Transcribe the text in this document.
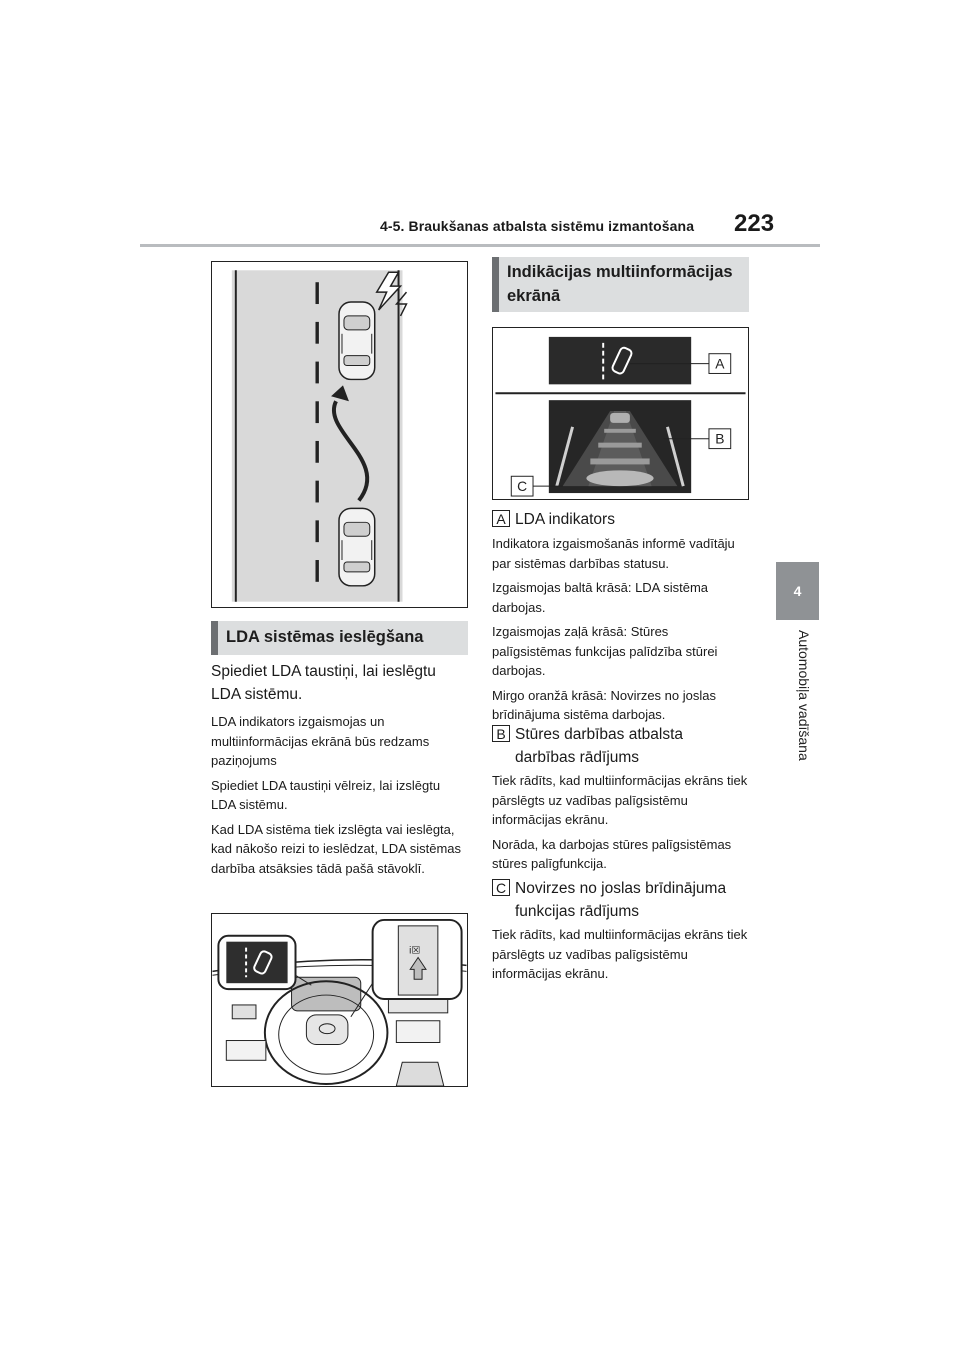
4-5. Braukšanas atbalsta sistēmu izmantošana 223
4
Automobiļa vadīšana
LDA sistēmas ieslēgšana
Spiediet LDA taustiņi, lai ieslēgtu LDA sistēmu.

LDA indikators izgaismojas un multiinformācijas ekrānā būs redzams paziņojums

Spiediet LDA taustiņi vēlreiz, lai izslēgtu LDA sistēmu.

Kad LDA sistēma tiek izslēgta vai ieslēgta, kad nākošo reizi to ieslēdzat, LDA sistēmas darbība atsāksies tādā pašā stāvoklī.

i☒
Indikācijas multiinformācijas ekrānā
A
B
C
A LDA indikators

Indikatora izgaismošanās informē vadītāju par sistēmas darbības statusu.

Izgaismojas baltā krāsā: LDA sistēma darbojas.

Izgaismojas zaļā krāsā: Stūres palīgsistēmas funkcijas palīdzība stūrei darbojas.

Mirgo oranžā krāsā: Novirzes no joslas brīdinājuma sistēma darbojas.

B Stūres darbības atbalsta darbības rādījums

Tiek rādīts, kad multiinformācijas ekrāns tiek pārslēgts uz vadības palīgsistēmu informācijas ekrānu.

Norāda, ka darbojas stūres palīgsistēmas stūres palīgfunkcija.

C Novirzes no joslas brīdinājuma funkcijas rādījums

Tiek rādīts, kad multiinformācijas ekrāns tiek pārslēgts uz vadības palīgsistēmu informācijas ekrānu.
